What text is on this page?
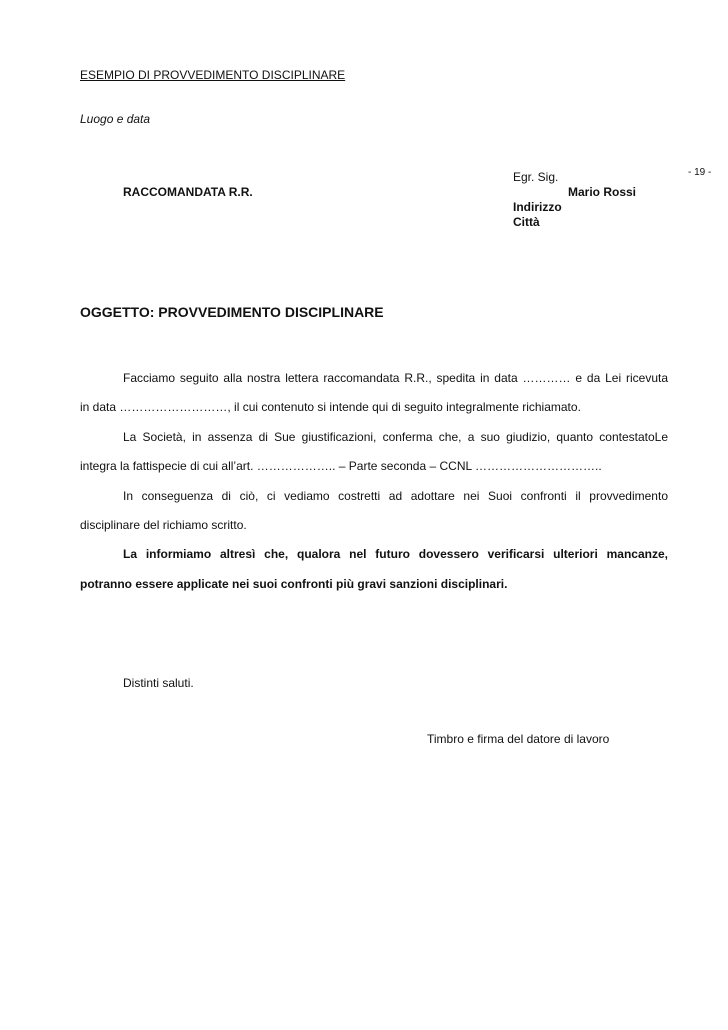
- 19 -
ESEMPIO DI PROVVEDIMENTO DISCIPLINARE
Luogo e data
Egr. Sig.
Mario Rossi
Indirizzo
Città
RACCOMANDATA R.R.
OGGETTO: PROVVEDIMENTO DISCIPLINARE
Facciamo seguito alla nostra lettera raccomandata R.R., spedita in data ………… e da Lei ricevuta
in data ………………………, il cui contenuto si intende qui di seguito integralmente richiamato.
La Società, in assenza di Sue giustificazioni, conferma che, a suo giudizio, quanto contestatoLe
integra la fattispecie di cui all’art. ……………….. – Parte seconda – CCNL …………………………..
In conseguenza di ciò, ci vediamo costretti ad adottare nei Suoi confronti il provvedimento
disciplinare del richiamo scritto.
La informiamo altresì che, qualora nel futuro dovessero verificarsi ulteriori mancanze,
potranno essere applicate nei suoi confronti più gravi sanzioni disciplinari.
Distinti saluti.
Timbro e firma del datore di lavoro
